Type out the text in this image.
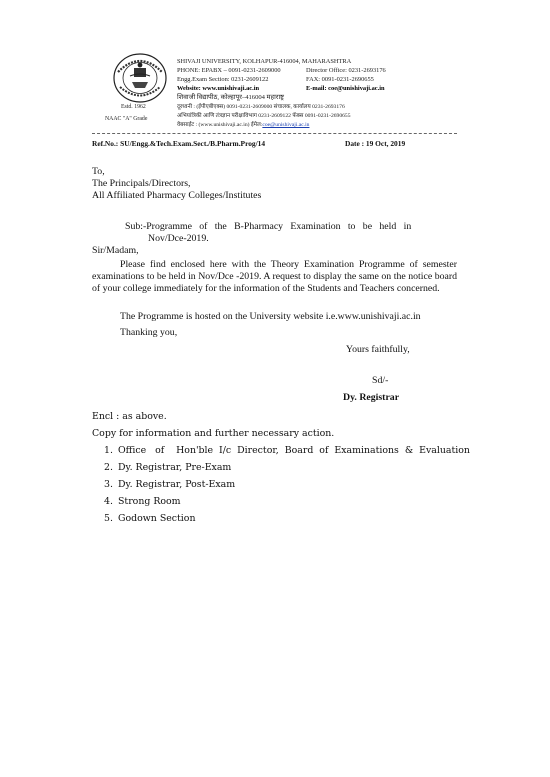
SHIVAJI UNIVERSITY, KOLHAPUR-416004, MAHARASHTRA
PHONE: EPABX – 0091-0231-2609000	Director Office: 0231-2693176
Engg.Exam Section: 0231-2609122	FAX: 0091-0231-2690655
Website: www.unishivaji.ac.in	E-mail: coe@unishivaji.ac.in
शिवाजी विद्यापीठ, कोल्हापूर–416004 महाराष्ट्र
दूरध्वनी : (ईपीएबीएक्स) 0091-0231-2609000 संचालक, कार्यालय 0231-2693176
अभियांत्रिकी आणि तंत्रज्ञान परीक्षाविभाग 0231-2609122 फॅक्स 0091-0231-2690655
वेबसाईट : (www.unishivaji.ac.in) ईमेल:coe@unishivaji.ac.in
Estd. 1962
NAAC "A" Grade
Ref.No.: SU/Engg.&Tech.Exam.Sect./B.Pharm.Prog/14	Date : 19 Oct, 2019
To,
The Principals/Directors,
All Affiliated Pharmacy Colleges/Institutes
Sub:-Programme   of   the   B-Pharmacy   Examination   to   be   held   in
Nov/Dce-2019.
Sir/Madam,
Please find enclosed here with the Theory Examination Programme of semester examinations to be held in Nov/Dce -2019. A request to display the same on the notice board of your college immediately for the information of the Students and Teachers concerned.
The Programme is hosted on the University website i.e.www.unishivaji.ac.in
Thanking you,
Yours faithfully,
Sd/-
Dy. Registrar
Encl : as above.
Copy for information and further necessary action.
1. Office   of    Hon'ble  I/c  Director,  Board  of  Examinations  &  Evaluation
2. Dy. Registrar, Pre-Exam
3. Dy. Registrar, Post-Exam
4. Strong Room
5. Godown Section
